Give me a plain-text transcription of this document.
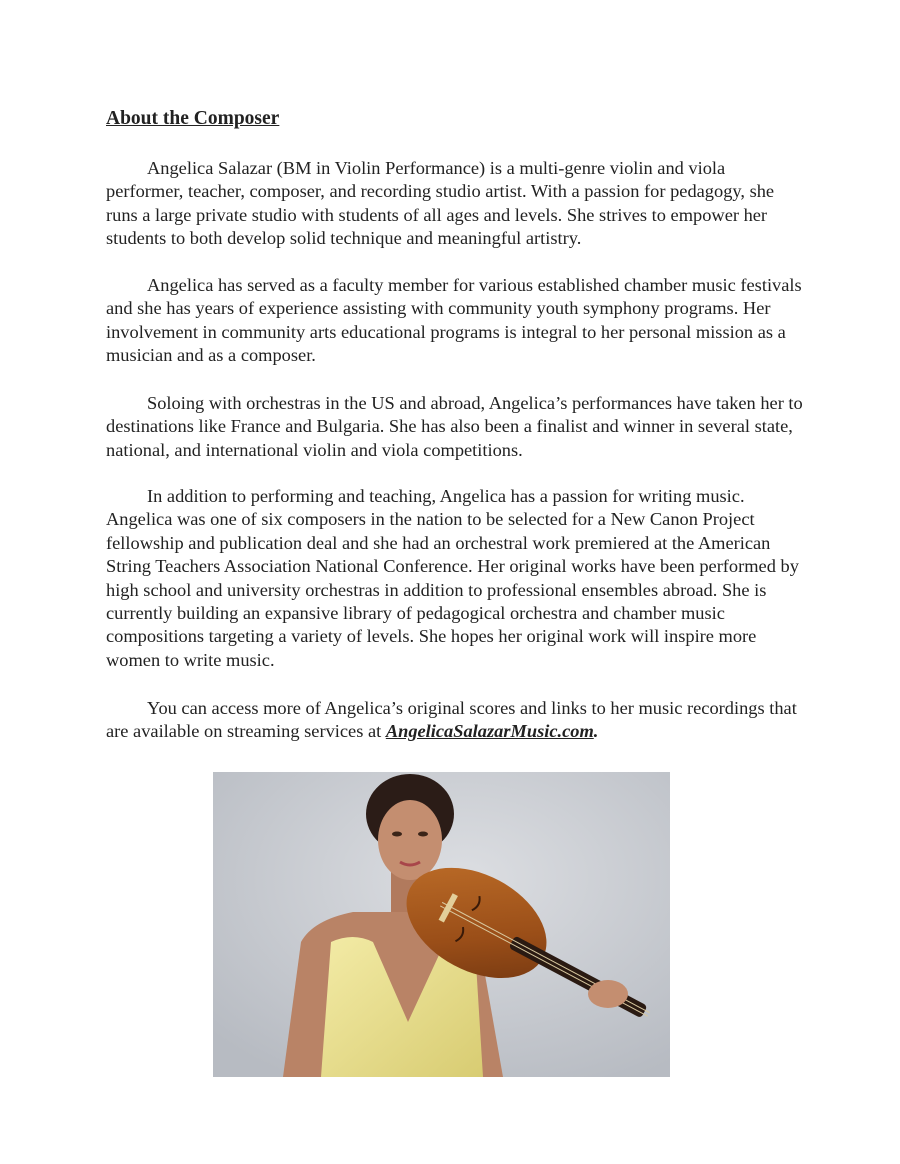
About the Composer

Angelica Salazar (BM in Violin Performance) is a multi-genre violin and viola performer, teacher, composer, and recording studio artist. With a passion for pedagogy, she runs a large private studio with students of all ages and levels. She strives to empower her students to both develop solid technique and meaningful artistry.

Angelica has served as a faculty member for various established chamber music festivals and she has years of experience assisting with community youth symphony programs. Her involvement in community arts educational programs is integral to her personal mission as a musician and as a composer.

Soloing with orchestras in the US and abroad, Angelica’s performances have taken her to destinations like France and Bulgaria. She has also been a finalist and winner in several state, national, and international violin and viola competitions.

In addition to performing and teaching, Angelica has a passion for writing music. Angelica was one of six composers in the nation to be selected for a New Canon Project fellowship and publication deal and she had an orchestral work premiered at the American String Teachers Association National Conference. Her original works have been performed by high school and university orchestras in addition to professional ensembles abroad. She is currently building an expansive library of pedagogical orchestra and chamber music compositions targeting a variety of levels. She hopes her original work will inspire more women to write music.

You can access more of Angelica’s original scores and links to her music recordings that are available on streaming services at AngelicaSalazarMusic.com.
